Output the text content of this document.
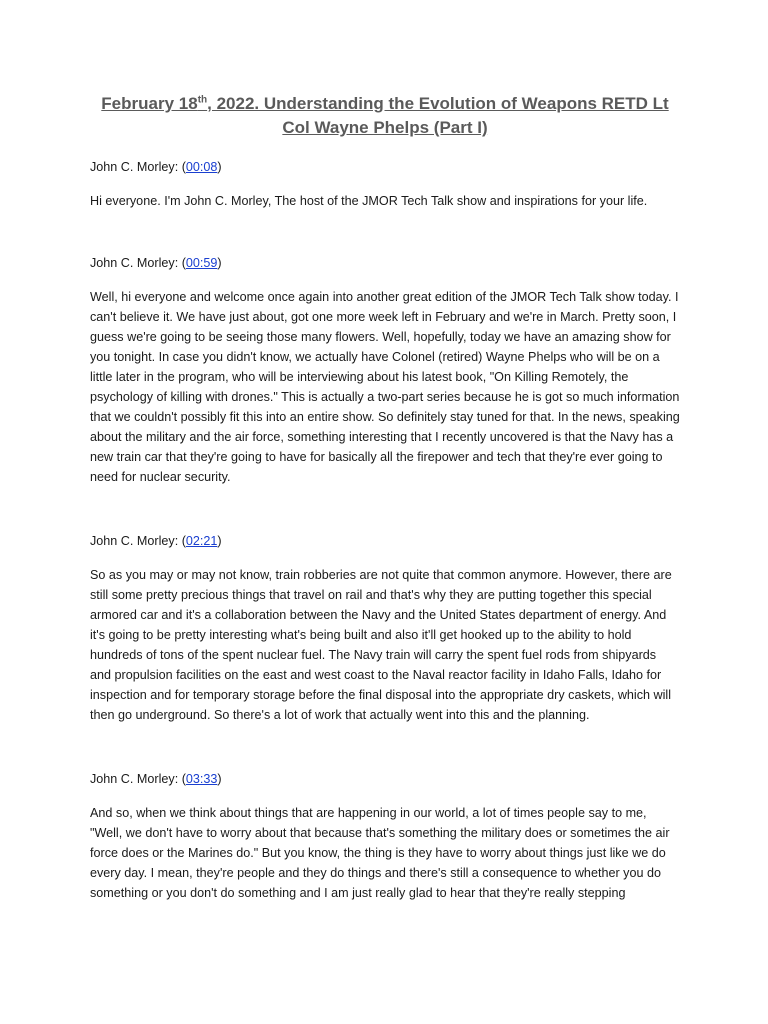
February 18th, 2022. Understanding the Evolution of Weapons RETD Lt Col Wayne Phelps (Part I)

John C. Morley: (00:08)

Hi everyone. I'm John C. Morley, The host of the JMOR Tech Talk show and inspirations for your life.

John C. Morley: (00:59)

Well, hi everyone and welcome once again into another great edition of the JMOR Tech Talk show today. I can't believe it. We have just about, got one more week left in February and we're in March. Pretty soon, I guess we're going to be seeing those many flowers. Well, hopefully, today we have an amazing show for you tonight. In case you didn't know, we actually have Colonel (retired) Wayne Phelps who will be on a little later in the program, who will be interviewing about his latest book, "On Killing Remotely, the psychology of killing with drones." This is actually a two-part series because he is got so much information that we couldn't possibly fit this into an entire show. So definitely stay tuned for that. In the news, speaking about the military and the air force, something interesting that I recently uncovered is that the Navy has a new train car that they're going to have for basically all the firepower and tech that they're ever going to need for nuclear security.

John C. Morley: (02:21)

So as you may or may not know, train robberies are not quite that common anymore. However, there are still some pretty precious things that travel on rail and that's why they are putting together this special armored car and it's a collaboration between the Navy and the United States department of energy. And it's going to be pretty interesting what's being built and also it'll get hooked up to the ability to hold hundreds of tons of the spent nuclear fuel. The Navy train will carry the spent fuel rods from shipyards and propulsion facilities on the east and west coast to the Naval reactor facility in Idaho Falls, Idaho for inspection and for temporary storage before the final disposal into the appropriate dry caskets, which will then go underground. So there's a lot of work that actually went into this and the planning.

John C. Morley: (03:33)

And so, when we think about things that are happening in our world, a lot of times people say to me, "Well, we don't have to worry about that because that's something the military does or sometimes the air force does or the Marines do." But you know, the thing is they have to worry about things just like we do every day. I mean, they're people and they do things and there's still a consequence to whether you do something or you don't do something and I am just really glad to hear that they're really stepping
